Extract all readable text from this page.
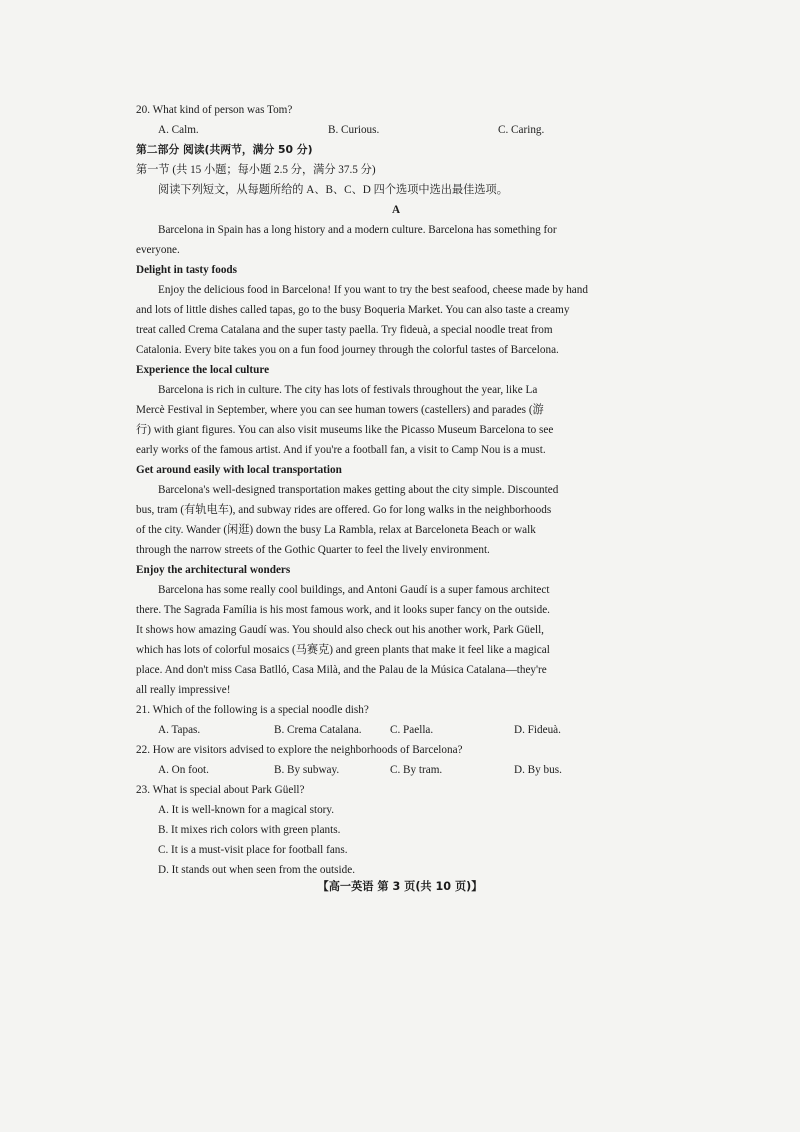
20. What kind of person was Tom?
A. Calm.	B. Curious.	C. Caring.
第二部分 阅读(共两节，满分 50 分)
第一节 (共 15 小题；每小题 2.5 分，满分 37.5 分)
阅读下列短文，从每题所给的 A、B、C、D 四个选项中选出最佳选项。
A
Barcelona in Spain has a long history and a modern culture. Barcelona has something for
everyone.
Delight in tasty foods
Enjoy the delicious food in Barcelona! If you want to try the best seafood, cheese made by hand
and lots of little dishes called tapas, go to the busy Boqueria Market. You can also taste a creamy
treat called Crema Catalana and the super tasty paella. Try fideuà, a special noodle treat from
Catalonia. Every bite takes you on a fun food journey through the colorful tastes of Barcelona.
Experience the local culture
Barcelona is rich in culture. The city has lots of festivals throughout the year, like La
Mercè Festival in September, where you can see human towers (castellers) and parades (游
行) with giant figures. You can also visit museums like the Picasso Museum Barcelona to see
early works of the famous artist. And if you're a football fan, a visit to Camp Nou is a must.
Get around easily with local transportation
Barcelona's well-designed transportation makes getting about the city simple. Discounted
bus, tram (有轨电车), and subway rides are offered. Go for long walks in the neighborhoods
of the city. Wander (闲逛) down the busy La Rambla, relax at Barceloneta Beach or walk
through the narrow streets of the Gothic Quarter to feel the lively environment.
Enjoy the architectural wonders
Barcelona has some really cool buildings, and Antoni Gaudí is a super famous architect
there. The Sagrada Família is his most famous work, and it looks super fancy on the outside.
It shows how amazing Gaudí was. You should also check out his another work, Park Güell,
which has lots of colorful mosaics (马赛克) and green plants that make it feel like a magical
place. And don't miss Casa Batlló, Casa Milà, and the Palau de la Música Catalana—they're
all really impressive!
21. Which of the following is a special noodle dish?
A. Tapas.	B. Crema Catalana.	C. Paella.	D. Fideuà.
22. How are visitors advised to explore the neighborhoods of Barcelona?
A. On foot.	B. By subway.	C. By tram.	D. By bus.
23. What is special about Park Güell?
A. It is well-known for a magical story.
B. It mixes rich colors with green plants.
C. It is a must-visit place for football fans.
D. It stands out when seen from the outside.
【高一英语 第 3 页(共 10 页)】
